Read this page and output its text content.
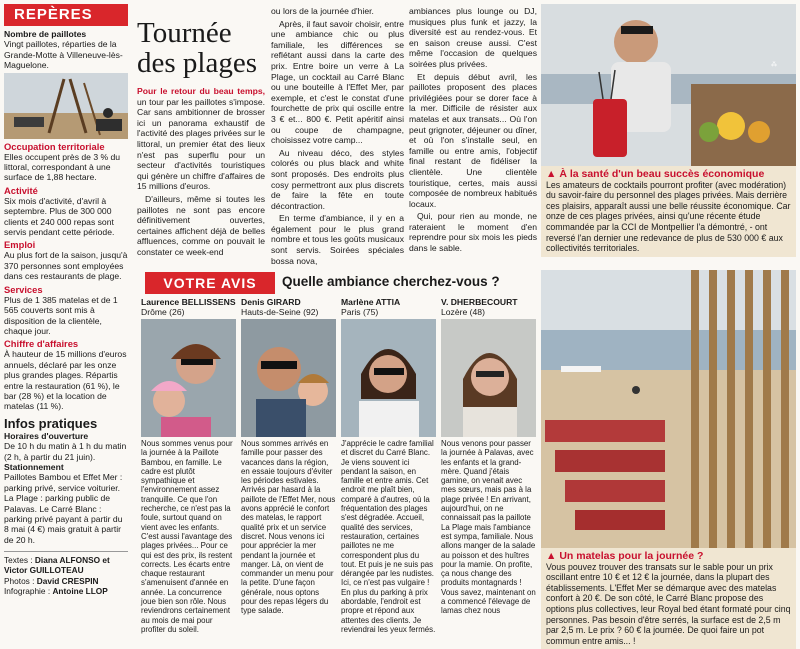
REPÈRES
Nombre de paillotes
Vingt paillotes, réparties de la Grande-Motte à Villeneuve-lès-Maguelone.
Occupation territoriale
Elles occupent près de 3 % du littoral, correspondant à une surface de 1,88 hectare.
Activité
Six mois d'activité, d'avril à septembre. Plus de 300 000 clients et 240 000 repas sont servis pendant cette période.
Emploi
Au plus fort de la saison, jusqu'à 370 personnes sont employées dans ces restaurants de plage.
Services
Plus de 1 385 matelas et de 1 565 couverts sont mis à disposition de la clientèle, chaque jour.
Chiffre d'affaires
À hauteur de 15 millions d'euros annuels, déclaré par les onze plus grandes plages. Répartis entre la restauration (61 %), le bar (28 %) et la location de matelas (11 %).
Infos pratiques
Horaires d'ouverture
De 10 h du matin à 1 h du matin (2 h, à partir du 21 juin).
Stationnement
Paillotes Bambou et Effet Mer : parking privé, service voiturier. La Plage : parking public de Palavas. Le Carré Blanc : parking privé payant à partir du 8 mai (4 €) mais gratuit à partir de 20 h.
Textes : Diana ALFONSO et Victor GUILLOTEAU
Photos : David CRESPIN
Infographie : Antoine LLOP
Tournée des plages

Pour le retour du beau temps, un tour par les paillotes s'impose. Car sans ambitionner de brosser ici un panorama exhaustif de l'activité des plages privées sur le littoral, un premier état des lieux n'est pas superflu pour un secteur d'activités touristiques qui génère un chiffre d'affaires de 15 millions d'euros.

D'ailleurs, même si toutes les paillotes ne sont pas encore définitivement ouvertes, certaines affichent déjà de belles affluences, comme on pouvait le constater ce week-end

ou lors de la journée d'hier.

Après, il faut savoir choisir, entre une ambiance chic ou plus familiale, les différences se reflétant aussi dans la carte des prix. Entre boire un verre à La Plage, un cocktail au Carré Blanc ou une bouteille à l'Effet Mer, par exemple, et c'est le constat d'une fourchette de prix qui oscille entre 3 € et... 800 €. Petit apéritif ainsi ou coupe de champagne, choisissez votre camp...

Au niveau déco, des styles colorés ou plus black and white sont proposés. Des endroits plus cosy permettront aux plus discrets de faire la fête en toute décontraction.

En terme d'ambiance, il y en a également pour le plus grand nombre et tous les goûts musicaux sont servis. Soirées spéciales bossa nova,

ambiances plus lounge ou DJ, musiques plus funk et jazzy, la diversité est au rendez-vous. Et en saison creuse aussi. C'est même l'occasion de quelques soirées plus privées.

Et depuis début avril, les paillotes proposent des places privilégiées pour se dorer face à la mer. Difficile de résister aux matelas et aux transats... Où l'on peut grignoter, déjeuner ou dîner, et où l'on s'installe seul, en famille ou entre amis, l'objectif final restant de fidéliser la clientèle. Une clientèle touristique, certes, mais aussi composée de nombreux habitués locaux.

Qui, pour rien au monde, ne rateraient le moment d'en reprendre pour six mois les pieds dans le sable.

⁂
▲ À la santé d'un beau succès économique
Les amateurs de cocktails pourront profiter (avec modération) du savoir-faire du personnel des plages privées. Mais derrière ces plaisirs, apparaît aussi une belle réussite économique. Car onze de ces plages privées, ainsi qu'une récente étude commandée par la CCI de Montpellier l'a démontré, - ont reversé l'an dernier une redevance de plus de 530 000 € aux collectivités territoriales.
VOTRE AVIS	Quelle ambiance cherchez-vous ?
Laurence BELLISSENS
Drôme (26)
Nous sommes venus pour la journée à la Paillote Bambou, en famille. Le cadre est plutôt sympathique et l'environnement assez tranquille. Ce que l'on recherche, ce n'est pas la foule, surtout quand on vient avec les enfants. C'est aussi l'avantage des plages privées... Pour ce qui est des prix, ils restent corrects. Les écarts entre chaque restaurant s'amenuisent d'année en année. La concurrence joue bien son rôle. Nous reviendrons certainement au mois de mai pour profiter du soleil.
Denis GIRARD
Hauts-de-Seine (92)
Nous sommes arrivés en famille pour passer des vacances dans la région, en essaie toujours d'éviter les périodes estivales. Arrivés par hasard à la paillote de l'Effet Mer, nous avons apprécié le confort des matelas, le rapport qualité prix et un service discret. Nous venons ici pour apprécier la mer pendant la journée et manger. Là, on vient de commander un menu pour la petite. D'une façon générale, nous optons pour des repas légers du type salade.
Marlène ATTIA
Paris (75)
J'apprécie le cadre familial et discret du Carré Blanc. Je viens souvent ici pendant la saison, en famille et entre amis. Cet endroit me plaît bien, comparé à d'autres, où la fréquentation des plages s'est dégradée. Accueil, qualité des services, restauration, certaines paillotes ne me correspondent plus du tout. Et puis je ne suis pas dérangée par les nudistes. Ici, ce n'est pas vulgaire ! En plus du parking à prix abordable, l'endroit est propre et répond aux attentes des clients. Je reviendrai les yeux fermés.
V. DHERBECOURT
Lozère (48)
Nous venons pour passer la journée à Palavas, avec les enfants et la grand-mère. Quand j'étais gamine, on venait avec mes sœurs, mais pas à la plage privée ! En arrivant, aujourd'hui, on ne connaissait pas la paillote La Plage mais l'ambiance est sympa, familiale. Nous allons manger de la salade au poisson et des huîtres pour la mamie. On profite, ça nous change des produits montagnards ! Vous savez, maintenant on a commencé l'élevage de lamas chez nous
▲ Un matelas pour la journée ?
Vous pouvez trouver des transats sur le sable pour un prix oscillant entre 10 € et 12 € la journée, dans la plupart des établissements. L'Effet Mer se démarque avec des matelas confort à 20 €. De son côté, le Carré Blanc propose des options plus collectives, leur Royal bed étant formaté pour cinq personnes. Pas besoin d'être serrés, la surface est de 2,5 m par 2,5 m. Le prix ? 60 € la journée. De quoi faire un pot commun entre amis... !
